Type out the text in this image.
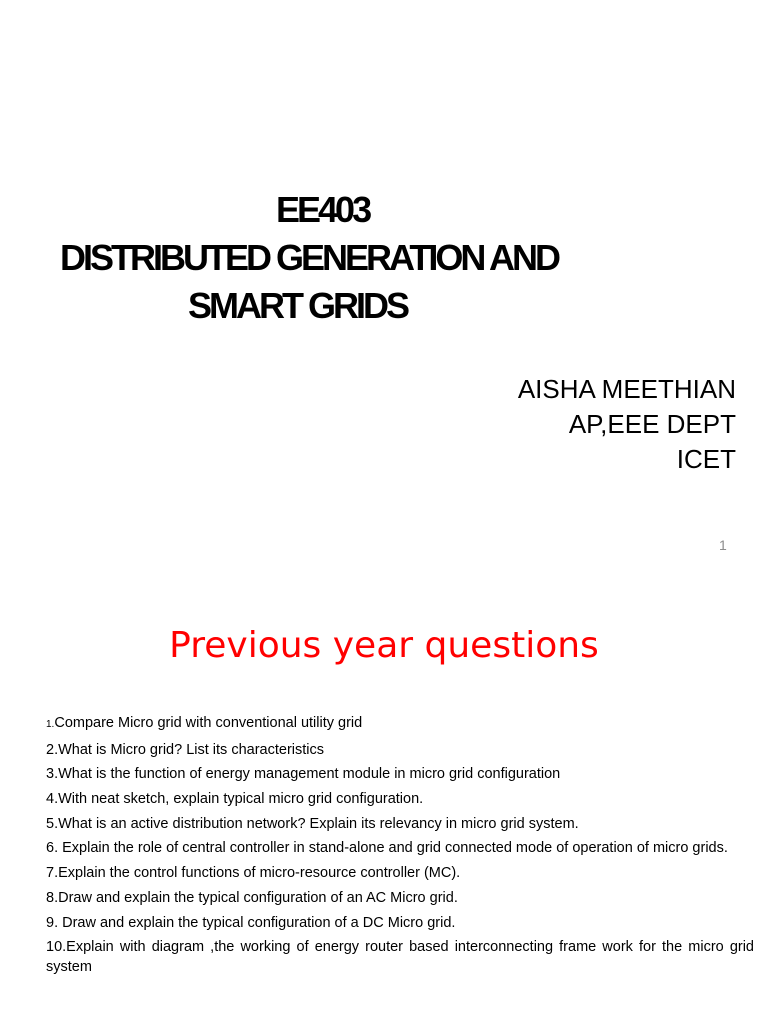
EE403

DISTRIBUTED GENERATION AND

SMART GRIDS

AISHA MEETHIAN

AP,EEE DEPT

ICET

1
Previous year questions

1.Compare Micro grid with conventional utility grid

2.What is Micro grid? List its characteristics

3.What is the function of energy management module in micro grid configuration

4.With neat sketch, explain typical micro grid configuration.

5.What is an active distribution network? Explain its relevancy in micro grid system.

6. Explain the role of central controller in stand-alone and grid connected mode of operation of micro grids.

7.Explain the control functions of micro-resource controller (MC).

8.Draw and explain the typical configuration of an AC Micro grid.

9. Draw and explain the typical configuration of a DC Micro grid.

10.Explain with diagram ,the working of energy router based interconnecting frame work for the micro grid system
